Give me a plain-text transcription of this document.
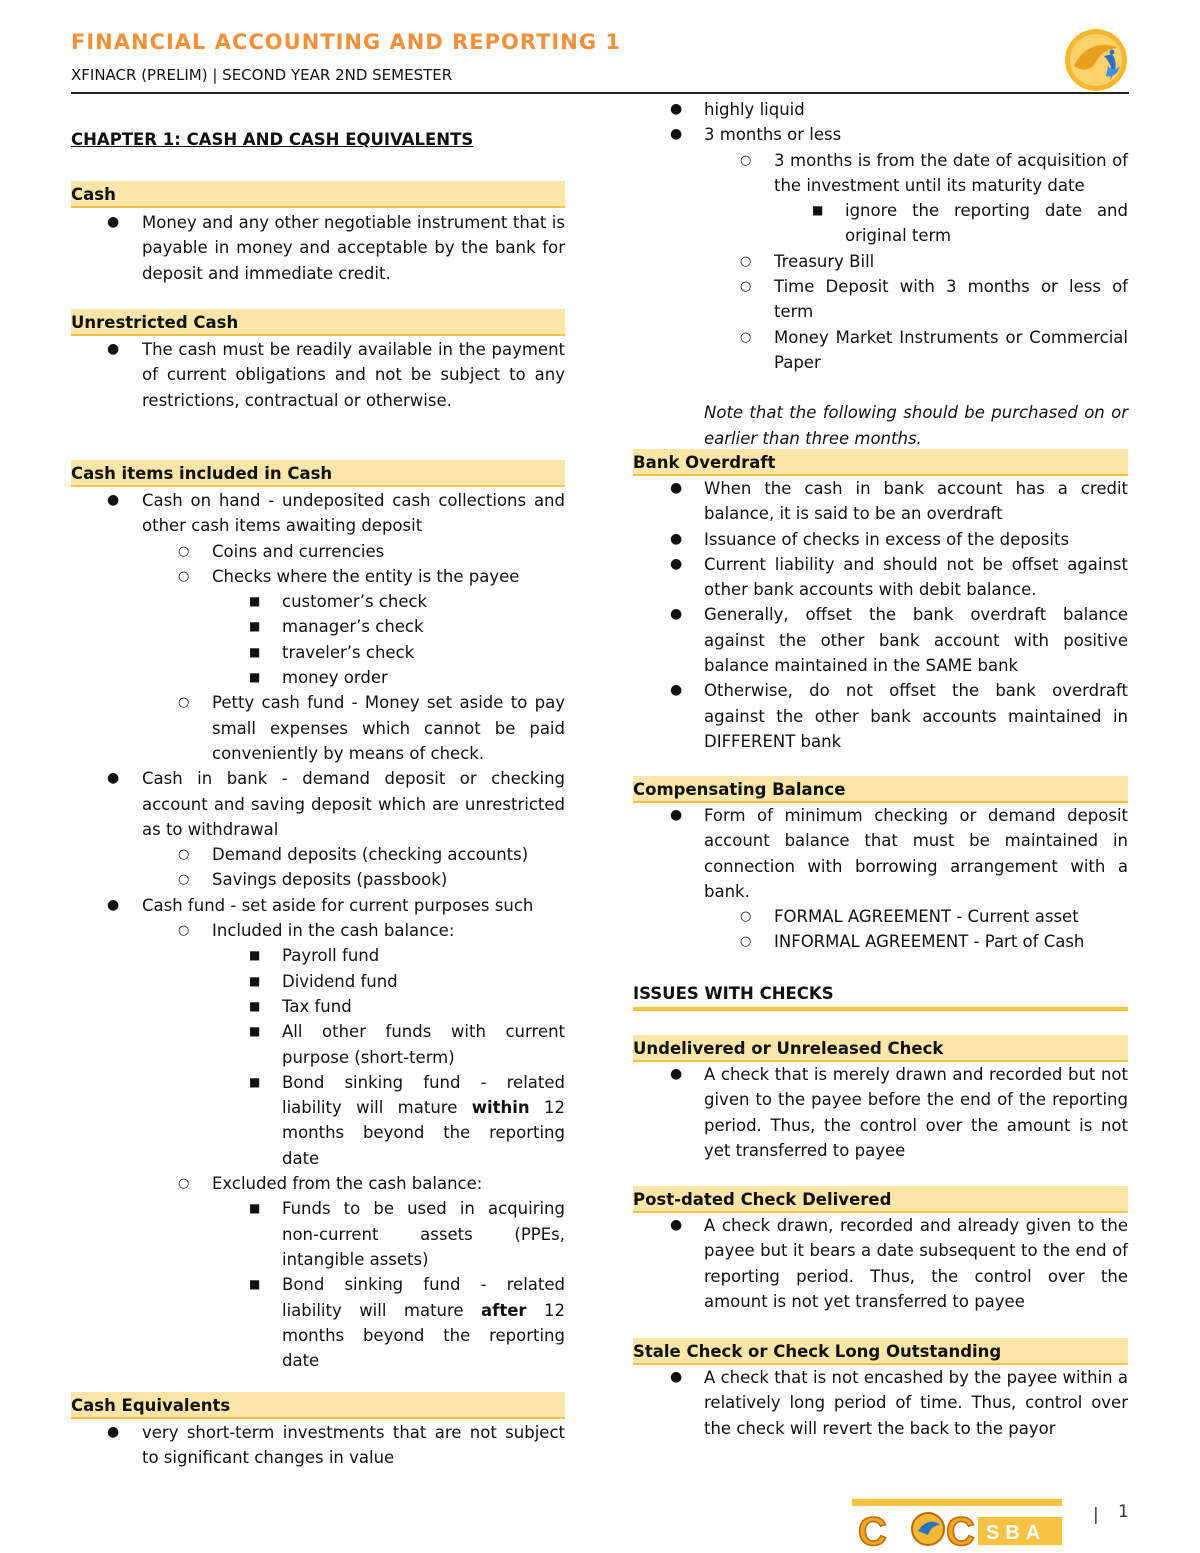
FINANCIAL ACCOUNTING AND REPORTING 1
XFINACR (PRELIM) | SECOND YEAR 2ND SEMESTER
CHAPTER 1: CASH AND CASH EQUIVALENTS
Cash
● Money and any other negotiable instrument that is payable in money and acceptable by the bank for deposit and immediate credit.
Unrestricted Cash
● The cash must be readily available in the payment of current obligations and not be subject to any restrictions, contractual or otherwise.
Cash items included in Cash
● Cash on hand - undeposited cash collections and other cash items awaiting deposit
○ Coins and currencies
○ Checks where the entity is the payee
■ customer’s check
■ manager’s check
■ traveler’s check
■ money order
○ Petty cash fund - Money set aside to pay small expenses which cannot be paid conveniently by means of check.
● Cash in bank - demand deposit or checking account and saving deposit which are unrestricted as to withdrawal
○ Demand deposits (checking accounts)
○ Savings deposits (passbook)
● Cash fund - set aside for current purposes such
○ Included in the cash balance:
■ Payroll fund
■ Dividend fund
■ Tax fund
■ All other funds with current purpose (short-term)
■ Bond sinking fund - related liability will mature within 12 months beyond the reporting date
○ Excluded from the cash balance:
■ Funds to be used in acquiring non-current assets (PPEs, intangible assets)
■ Bond sinking fund - related liability will mature after 12 months beyond the reporting date
Cash Equivalents
● very short-term investments that are not subject to significant changes in value
● highly liquid
● 3 months or less
○ 3 months is from the date of acquisition of the investment until its maturity date
■ ignore the reporting date and original term
○ Treasury Bill
○ Time Deposit with 3 months or less of term
○ Money Market Instruments or Commercial Paper
Note that the following should be purchased on or earlier than three months.
Bank Overdraft
● When the cash in bank account has a credit balance, it is said to be an overdraft
● Issuance of checks in excess of the deposits
● Current liability and should not be offset against other bank accounts with debit balance.
● Generally, offset the bank overdraft balance against the other bank account with positive balance maintained in the SAME bank
● Otherwise, do not offset the bank overdraft against the other bank accounts maintained in DIFFERENT bank
Compensating Balance
● Form of minimum checking or demand deposit account balance that must be maintained in connection with borrowing arrangement with a bank.
○ FORMAL AGREEMENT - Current asset
○ INFORMAL AGREEMENT - Part of Cash
ISSUES WITH CHECKS
Undelivered or Unreleased Check
● A check that is merely drawn and recorded but not given to the payee before the end of the reporting period. Thus, the control over the amount is not yet transferred to payee
Post-dated Check Delivered
● A check drawn, recorded and already given to the payee but it bears a date subsequent to the end of reporting period. Thus, the control over the amount is not yet transferred to payee
Stale Check or Check Long Outstanding
● A check that is not encashed by the payee within a relatively long period of time. Thus, control over the check will revert the back to the payor
C C SBA
| 1
